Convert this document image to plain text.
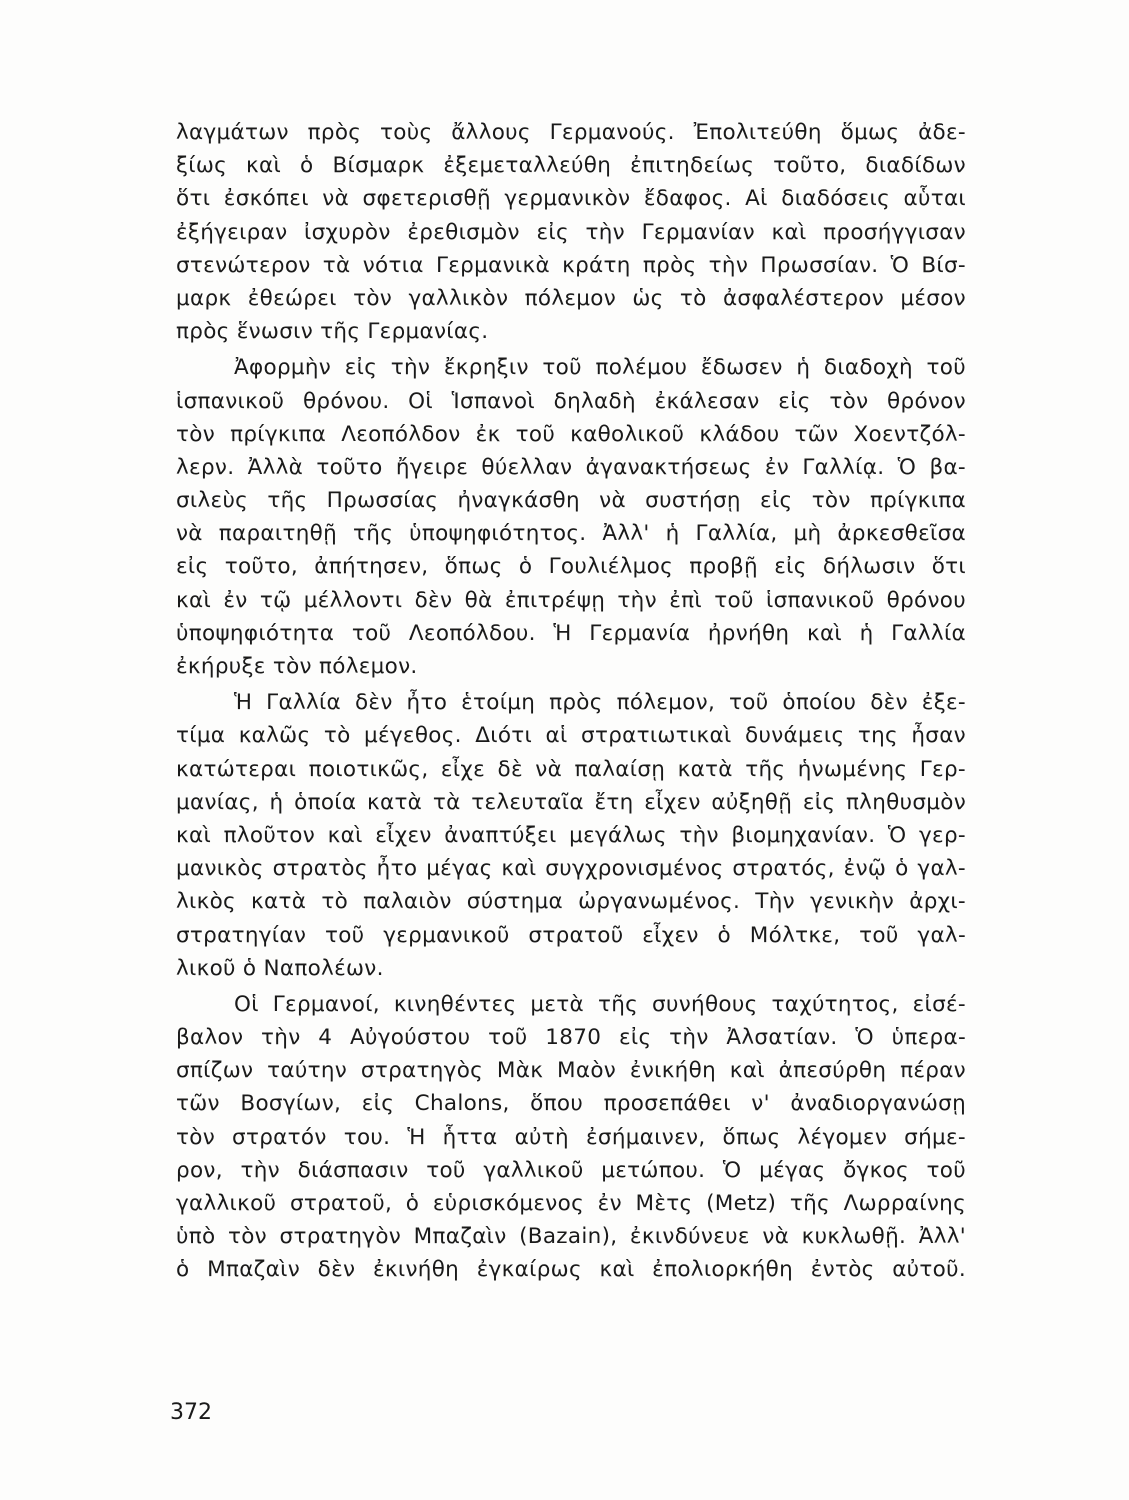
λαγμάτων πρὸς τοὺς ἄλλους Γερμανούς. Ἐπολιτεύθη ὅμως ἀδε-
ξίως καὶ ὁ Βίσμαρκ ἐξεμεταλλεύθη ἐπιτηδείως τοῦτο, διαδίδων
ὅτι ἐσκόπει νὰ σφετερισθῇ γερμανικὸν ἔδαφος. Αἱ διαδόσεις αὗται
ἐξήγειραν ἰσχυρὸν ἐρεθισμὸν εἰς τὴν Γερμανίαν καὶ προσήγγισαν
στενώτερον τὰ νότια Γερμανικὰ κράτη πρὸς τὴν Πρωσσίαν. Ὁ Βίσ-
μαρκ ἐθεώρει τὸν γαλλικὸν πόλεμον ὡς τὸ ἀσφαλέστερον μέσον
πρὸς ἕνωσιν τῆς Γερμανίας.
Ἀφορμὴν εἰς τὴν ἔκρηξιν τοῦ πολέμου ἔδωσεν ἡ διαδοχὴ τοῦ
ἱσπανικοῦ θρόνου. Οἱ Ἱσπανοὶ δηλαδὴ ἐκάλεσαν εἰς τὸν θρόνον
τὸν πρίγκιπα Λεοπόλδον ἐκ τοῦ καθολικοῦ κλάδου τῶν Χοεντζόλ-
λερν. Ἀλλὰ τοῦτο ἤγειρε θύελλαν ἀγανακτήσεως ἐν Γαλλίᾳ. Ὁ βα-
σιλεὺς τῆς Πρωσσίας ἠναγκάσθη νὰ συστήσῃ εἰς τὸν πρίγκιπα
νὰ παραιτηθῇ τῆς ὑποψηφιότητος. Ἀλλ' ἡ Γαλλία, μὴ ἀρκεσθεῖσα
εἰς τοῦτο, ἀπήτησεν, ὅπως ὁ Γουλιέλμος προβῇ εἰς δήλωσιν ὅτι
καὶ ἐν τῷ μέλλοντι δὲν θὰ ἐπιτρέψῃ τὴν ἐπὶ τοῦ ἱσπανικοῦ θρόνου
ὑποψηφιότητα τοῦ Λεοπόλδου. Ἡ Γερμανία ἠρνήθη καὶ ἡ Γαλλία
ἐκήρυξε τὸν πόλεμον.
Ἡ Γαλλία δὲν ἦτο ἑτοίμη πρὸς πόλεμον, τοῦ ὁποίου δὲν ἐξε-
τίμα καλῶς τὸ μέγεθος. Διότι αἱ στρατιωτικαὶ δυνάμεις της ἦσαν
κατώτεραι ποιοτικῶς, εἶχε δὲ νὰ παλαίσῃ κατὰ τῆς ἡνωμένης Γερ-
μανίας, ἡ ὁποία κατὰ τὰ τελευταῖα ἔτη εἶχεν αὐξηθῇ εἰς πληθυσμὸν
καὶ πλοῦτον καὶ εἶχεν ἀναπτύξει μεγάλως τὴν βιομηχανίαν. Ὁ γερ-
μανικὸς στρατὸς ἦτο μέγας καὶ συγχρονισμένος στρατός, ἐνῷ ὁ γαλ-
λικὸς κατὰ τὸ παλαιὸν σύστημα ὠργανωμένος. Τὴν γενικὴν ἀρχι-
στρατηγίαν τοῦ γερμανικοῦ στρατοῦ εἶχεν ὁ Μόλτκε, τοῦ γαλ-
λικοῦ ὁ Ναπολέων.
Οἱ Γερμανοί, κινηθέντες μετὰ τῆς συνήθους ταχύτητος, εἰσέ-
βαλον τὴν 4 Αὐγούστου τοῦ 1870 εἰς τὴν Ἀλσατίαν. Ὁ ὑπερα-
σπίζων ταύτην στρατηγὸς Μὰκ Μαὸν ἐνικήθη καὶ ἀπεσύρθη πέραν
τῶν Βοσγίων, εἰς Chalons, ὅπου προσεπάθει ν' ἀναδιοργανώσῃ
τὸν στρατόν του. Ἡ ἧττα αὐτὴ ἐσήμαινεν, ὅπως λέγομεν σήμε-
ρον, τὴν διάσπασιν τοῦ γαλλικοῦ μετώπου. Ὁ μέγας ὄγκος τοῦ
γαλλικοῦ στρατοῦ, ὁ εὑρισκόμενος ἐν Μὲτς (Metz) τῆς Λωρραίνης
ὑπὸ τὸν στρατηγὸν Μπαζαὶν (Bazain), ἐκινδύνευε νὰ κυκλωθῇ. Ἀλλ'
ὁ Μπαζαὶν δὲν ἐκινήθη ἐγκαίρως καὶ ἐπολιορκήθη ἐντὸς αὐτοῦ.
372
